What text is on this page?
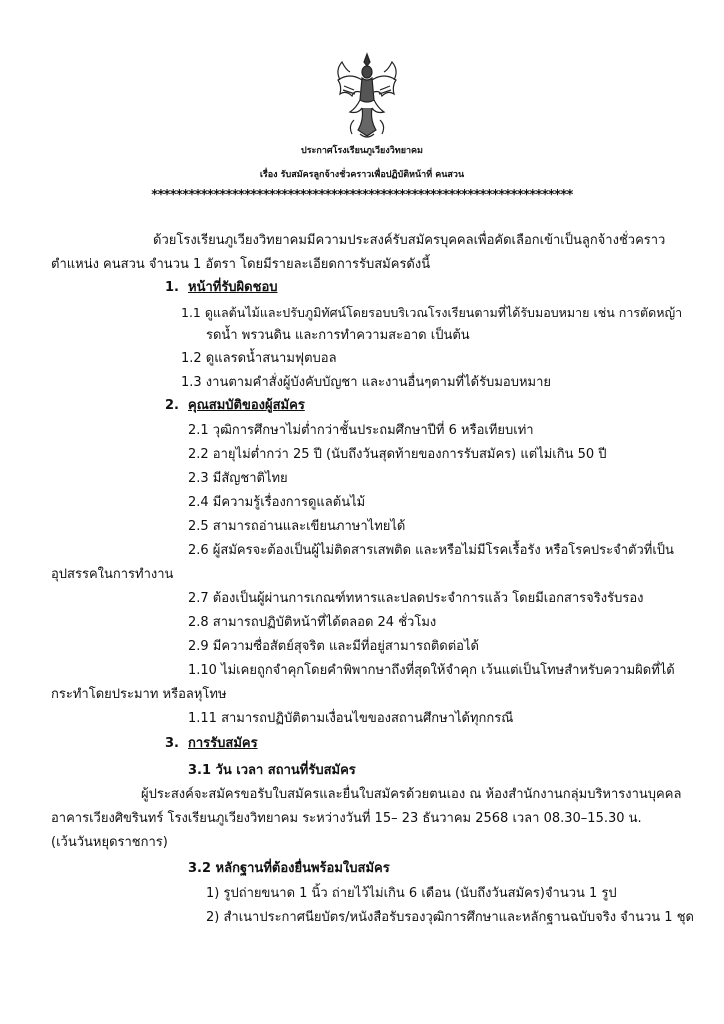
ประกาศโรงเรียนภูเวียงวิทยาคม
เรื่อง รับสมัครลูกจ้างชั่วคราวเพื่อปฏิบัติหน้าที่ คนสวน
********************************************************************
ด้วยโรงเรียนภูเวียงวิทยาคมมีความประสงค์รับสมัครบุคคลเพื่อคัดเลือกเข้าเป็นลูกจ้างชั่วคราว
ตำแหน่ง คนสวน จำนวน 1 อัตรา โดยมีรายละเอียดการรับสมัครดังนี้
1. หน้าที่รับผิดชอบ
1.1 ดูแลต้นไม้และปรับภูมิทัศน์โดยรอบบริเวณโรงเรียนตามที่ได้รับมอบหมาย เช่น การตัดหญ้า
รดน้ำ พรวนดิน และการทำความสะอาด เป็นต้น
1.2 ดูแลรดน้ำสนามฟุตบอล
1.3 งานตามคำสั่งผู้บังคับบัญชา และงานอื่นๆตามที่ได้รับมอบหมาย
2. คุณสมบัติของผู้สมัคร
2.1 วุฒิการศึกษาไม่ต่ำกว่าชั้นประถมศึกษาปีที่ 6 หรือเทียบเท่า
2.2 อายุไม่ต่ำกว่า 25 ปี (นับถึงวันสุดท้ายของการรับสมัคร) แต่ไม่เกิน 50 ปี
2.3 มีสัญชาติไทย
2.4 มีความรู้เรื่องการดูแลต้นไม้
2.5 สามารถอ่านและเขียนภาษาไทยได้
2.6 ผู้สมัครจะต้องเป็นผู้ไม่ติดสารเสพติด และหรือไม่มีโรคเรื้อรัง หรือโรคประจำตัวที่เป็น
อุปสรรคในการทำงาน
2.7 ต้องเป็นผู้ผ่านการเกณฑ์ทหารและปลดประจำการแล้ว โดยมีเอกสารจริงรับรอง
2.8 สามารถปฏิบัติหน้าที่ได้ตลอด 24 ชั่วโมง
2.9 มีความซื่อสัตย์สุจริต และมีที่อยู่สามารถติดต่อได้
1.10 ไม่เคยถูกจำคุกโดยคำพิพากษาถึงที่สุดให้จำคุก เว้นแต่เป็นโทษสำหรับความผิดที่ได้
กระทำโดยประมาท หรือลหุโทษ
1.11 สามารถปฏิบัติตามเงื่อนไขของสถานศึกษาได้ทุกกรณี
3. การรับสมัคร
3.1 วัน เวลา สถานที่รับสมัคร
ผู้ประสงค์จะสมัครขอรับใบสมัครและยื่นใบสมัครด้วยตนเอง ณ ห้องสำนักงานกลุ่มบริหารงานบุคคล
อาคารเวียงศิขรินทร์ โรงเรียนภูเวียงวิทยาคม ระหว่างวันที่ 15– 23 ธันวาคม 2568 เวลา 08.30–15.30 น.
(เว้นวันหยุดราชการ)
3.2 หลักฐานที่ต้องยื่นพร้อมใบสมัคร
1) รูปถ่ายขนาด 1 นิ้ว ถ่ายไว้ไม่เกิน 6 เดือน (นับถึงวันสมัคร)จำนวน 1 รูป
2) สำเนาประกาศนียบัตร/หนังสือรับรองวุฒิการศึกษาและหลักฐานฉบับจริง จำนวน 1 ชุด
